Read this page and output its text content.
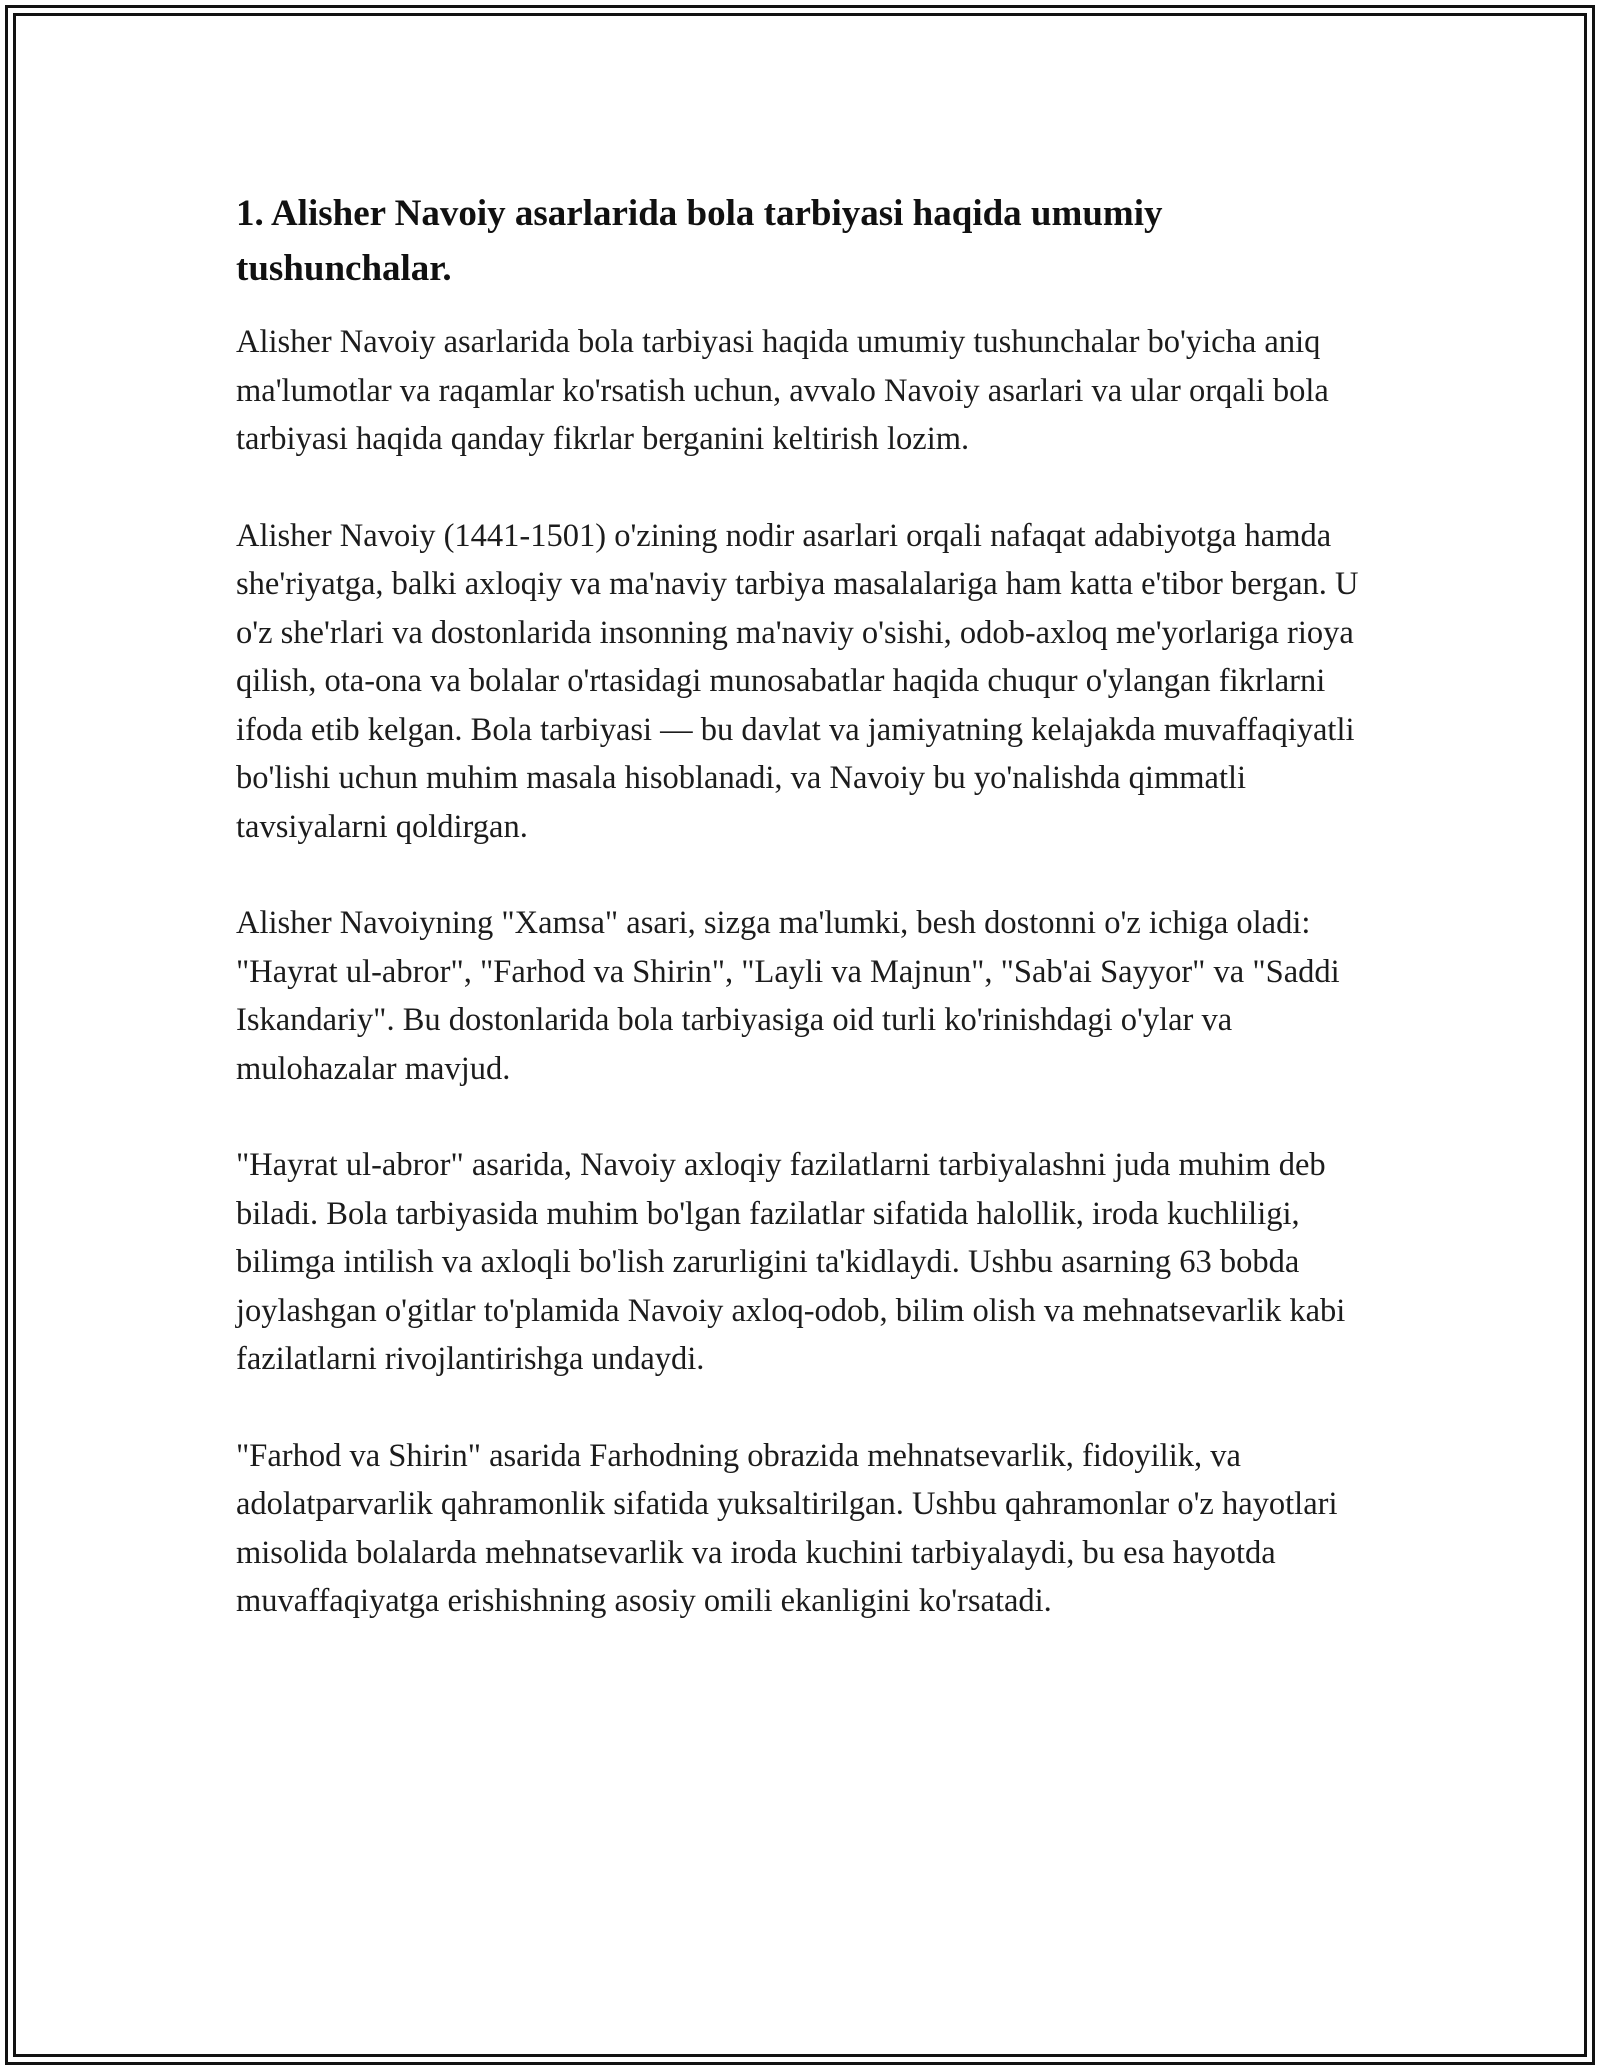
1. Alisher Navoiy asarlarida bola tarbiyasi haqida umumiy tushunchalar.

Alisher Navoiy asarlarida bola tarbiyasi haqida umumiy tushunchalar bo'yicha aniq ma'lumotlar va raqamlar ko'rsatish uchun, avvalo Navoiy asarlari va ular orqali bola tarbiyasi haqida qanday fikrlar berganini keltirish lozim.

Alisher Navoiy (1441-1501) o'zining nodir asarlari orqali nafaqat adabiyotga hamda she'riyatga, balki axloqiy va ma'naviy tarbiya masalalariga ham katta e'tibor bergan. U o'z she'rlari va dostonlarida insonning ma'naviy o'sishi, odob-axloq me'yorlariga rioya qilish, ota-ona va bolalar o'rtasidagi munosabatlar haqida chuqur o'ylangan fikrlarni ifoda etib kelgan. Bola tarbiyasi — bu davlat va jamiyatning kelajakda muvaffaqiyatli bo'lishi uchun muhim masala hisoblanadi, va Navoiy bu yo'nalishda qimmatli tavsiyalarni qoldirgan.

Alisher Navoiyning "Xamsa" asari, sizga ma'lumki, besh dostonni o'z ichiga oladi: "Hayrat ul-abror", "Farhod va Shirin", "Layli va Majnun", "Sab'ai Sayyor" va "Saddi Iskandariy". Bu dostonlarida bola tarbiyasiga oid turli ko'rinishdagi o'ylar va mulohazalar mavjud.

"Hayrat ul-abror" asarida, Navoiy axloqiy fazilatlarni tarbiyalashni juda muhim deb biladi. Bola tarbiyasida muhim bo'lgan fazilatlar sifatida halollik, iroda kuchliligi, bilimga intilish va axloqli bo'lish zarurligini ta'kidlaydi. Ushbu asarning 63 bobda joylashgan o'gitlar to'plamida Navoiy axloq-odob, bilim olish va mehnatsevarlik kabi fazilatlarni rivojlantirishga undaydi.

"Farhod va Shirin" asarida Farhodning obrazida mehnatsevarlik, fidoyilik, va adolatparvarlik qahramonlik sifatida yuksaltirilgan. Ushbu qahramonlar o'z hayotlari misolida bolalarda mehnatsevarlik va iroda kuchini tarbiyalaydi, bu esa hayotda muvaffaqiyatga erishishning asosiy omili ekanligini ko'rsatadi.
